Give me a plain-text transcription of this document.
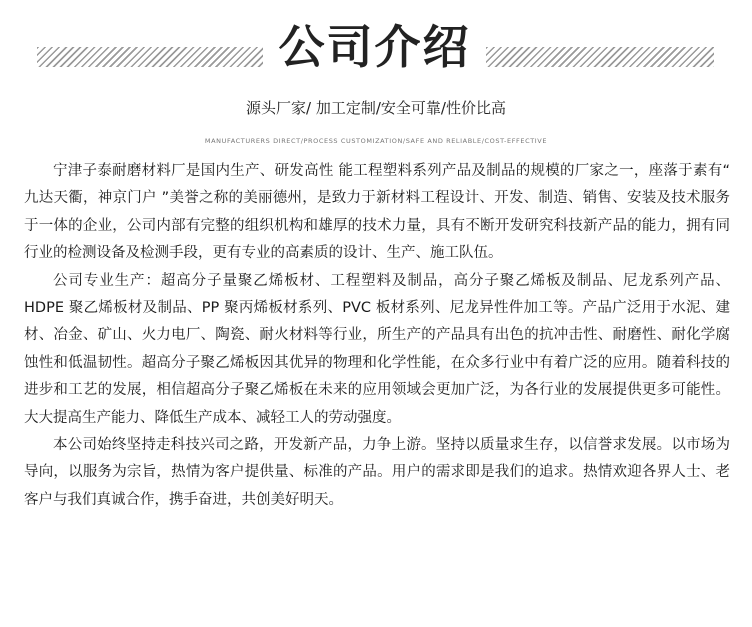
公司介绍
源头厂家/ 加工定制/安全可靠/性价比高
MANUFACTURERS DIRECT/PROCESS CUSTOMIZATION/SAFE AND RELIABLE/COST-EFFECTIVE

宁津子泰耐磨材料厂是国内生产、研发高性 能工程塑料系列产品及制品的规模的厂家之一，座落于素有“ 九达天衢，神京门户 ”美誉之称的美丽德州，是致力于新材料工程设计、开发、制造、销售、安装及技术服务于一体的企业，公司内部有完整的组织机构和雄厚的技术力量，具有不断开发研究科技新产品的能力，拥有同行业的检测设备及检测手段，更有专业的高素质的设计、生产、施工队伍。

公司专业生产：超高分子量聚乙烯板材、工程塑料及制品，高分子聚乙烯板及制品、尼龙系列产品、HDPE 聚乙烯板材及制品、PP 聚丙烯板材系列、PVC 板材系列、尼龙异性件加工等。产品广泛用于水泥、建材、冶金、矿山、火力电厂、陶瓷、耐火材料等行业，所生产的产品具有出色的抗冲击性、耐磨性、耐化学腐蚀性和低温韧性。超高分子聚乙烯板因其优异的物理和化学性能，在众多行业中有着广泛的应用。随着科技的进步和工艺的发展，相信超高分子聚乙烯板在未来的应用领域会更加广泛，为各行业的发展提供更多可能性。大大提高生产能力、降低生产成本、减轻工人的劳动强度。

本公司始终坚持走科技兴司之路，开发新产品，力争上游。坚持以质量求生存，以信誉求发展。以市场为导向，以服务为宗旨，热情为客户提供量、标准的产品。用户的需求即是我们的追求。热情欢迎各界人士、老客户与我们真诚合作，携手奋进，共创美好明天。
